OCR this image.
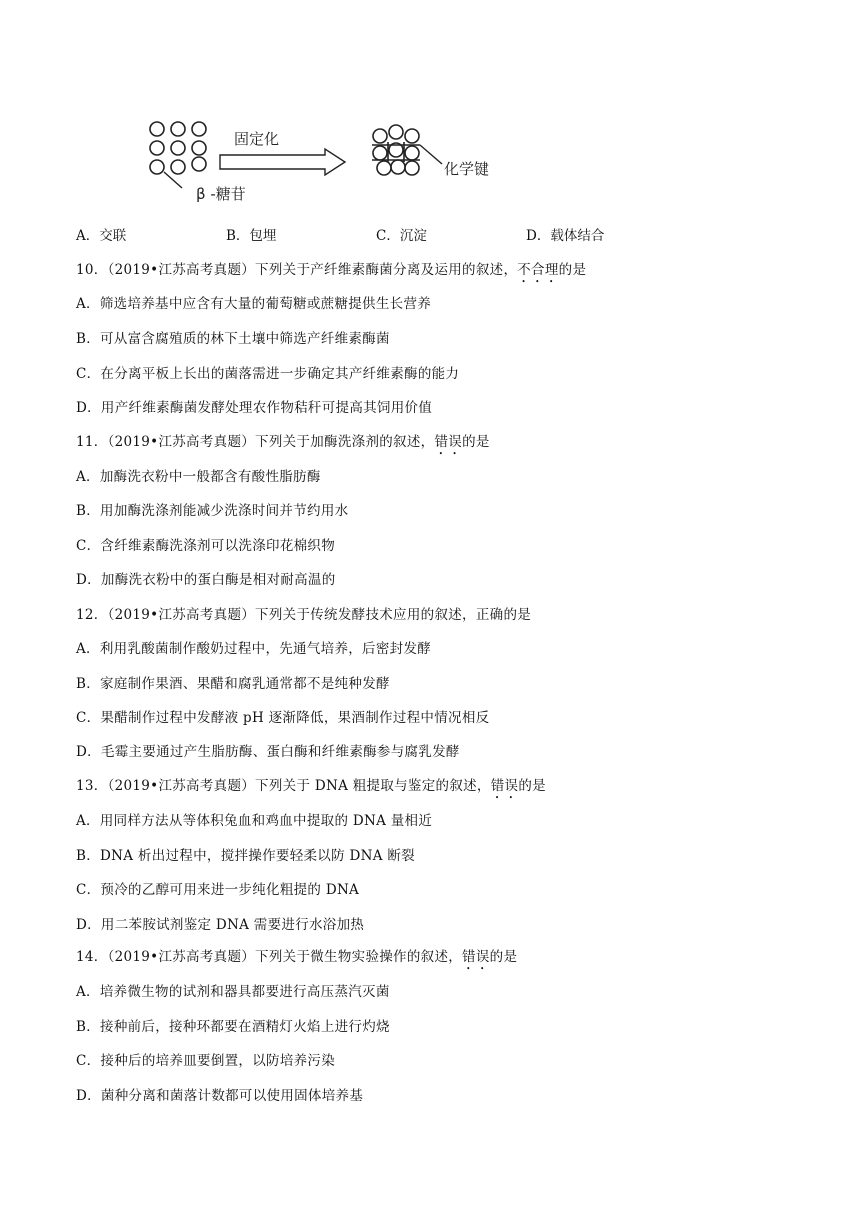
固定化
β -糖苷
化学键
A．交联	B．包埋	C．沉淀	D．载体结合
10．（2019•江苏高考真题）下列关于产纤维素酶菌分离及运用的叙述，不合理的是
A．筛选培养基中应含有大量的葡萄糖或蔗糖提供生长营养
B．可从富含腐殖质的林下土壤中筛选产纤维素酶菌
C．在分离平板上长出的菌落需进一步确定其产纤维素酶的能力
D．用产纤维素酶菌发酵处理农作物秸秆可提高其饲用价值
11．（2019•江苏高考真题）下列关于加酶洗涤剂的叙述，错误的是
A．加酶洗衣粉中一般都含有酸性脂肪酶
B．用加酶洗涤剂能减少洗涤时间并节约用水
C．含纤维素酶洗涤剂可以洗涤印花棉织物
D．加酶洗衣粉中的蛋白酶是相对耐高温的
12．（2019•江苏高考真题）下列关于传统发酵技术应用的叙述，正确的是
A．利用乳酸菌制作酸奶过程中，先通气培养，后密封发酵
B．家庭制作果酒、果醋和腐乳通常都不是纯种发酵
C．果醋制作过程中发酵液 pH 逐渐降低，果酒制作过程中情况相反
D．毛霉主要通过产生脂肪酶、蛋白酶和纤维素酶参与腐乳发酵
13．（2019•江苏高考真题）下列关于 DNA 粗提取与鉴定的叙述，错误的是
A．用同样方法从等体积兔血和鸡血中提取的 DNA 量相近
B．DNA 析出过程中，搅拌操作要轻柔以防 DNA 断裂
C．预冷的乙醇可用来进一步纯化粗提的 DNA
D．用二苯胺试剂鉴定 DNA 需要进行水浴加热
14．（2019•江苏高考真题）下列关于微生物实验操作的叙述，错误的是
A．培养微生物的试剂和器具都要进行高压蒸汽灭菌
B．接种前后，接种环都要在酒精灯火焰上进行灼烧
C．接种后的培养皿要倒置，以防培养污染
D．菌种分离和菌落计数都可以使用固体培养基
